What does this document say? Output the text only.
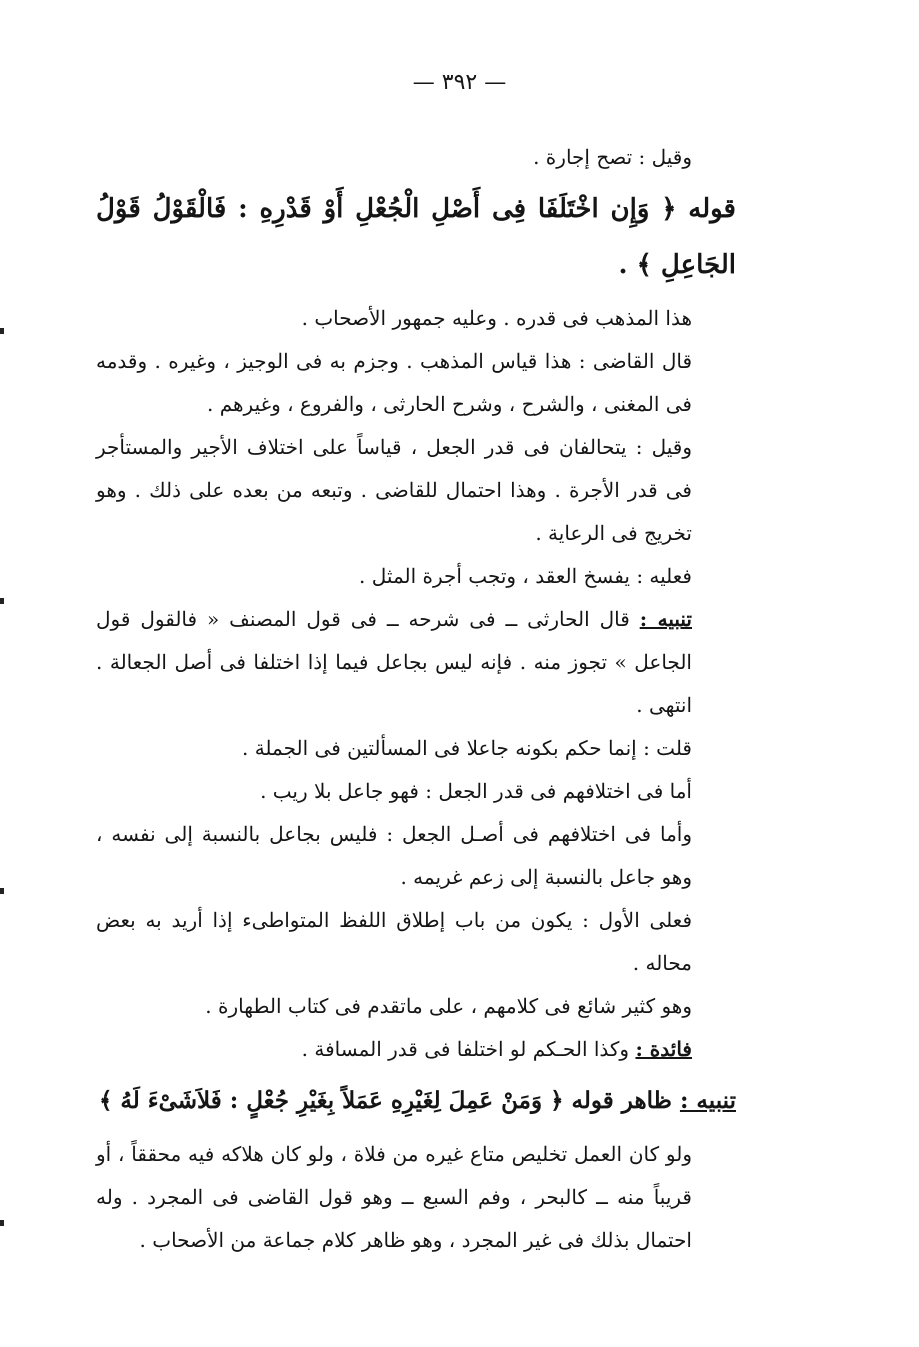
— ٣٩٢ —

وقيل : تصح إجارة .

قوله ﴿ وَإِن اخْتَلَفَا فِى أَصْلِ الْجُعْلِ أَوْ قَدْرِهِ : فَالْقَوْلُ قَوْلُ الجَاعِلِ ﴾ .

هذا المذهب فى قدره . وعليه جمهور الأصحاب .

قال القاضى : هذا قياس المذهب . وجزم به فى الوجيز ، وغيره . وقدمه فى المغنى ، والشرح ، وشرح الحارثى ، والفروع ، وغيرهم .

وقيل : يتحالفان فى قدر الجعل ، قياساً على اختلاف الأجير والمستأجر فى قدر الأجرة . وهذا احتمال للقاضى . وتبعه من بعده على ذلك . وهو تخريج فى الرعاية .

فعليه : يفسخ العقد ، وتجب أجرة المثل .

تنبيه : قال الحارثى ــ فى شرحه ــ فى قول المصنف « فالقول قول الجاعل » تجوز منه . فإنه ليس بجاعل فيما إذا اختلفا فى أصل الجعالة . انتهى .

قلت : إنما حكم بكونه جاعلا فى المسألتين فى الجملة .

أما فى اختلافهم فى قدر الجعل : فهو جاعل بلا ريب .

وأما فى اختلافهم فى أصـل الجعل : فليس بجاعل بالنسبة إلى نفسه ، وهو جاعل بالنسبة إلى زعم غريمه .

فعلى الأول : يكون من باب إطلاق اللفظ المتواطىء إذا أريد به بعض محاله .

وهو كثير شائع فى كلامهم ، على ماتقدم فى كتاب الطهارة .

فائدة : وكذا الحـكم لو اختلفا فى قدر المسافة .

تنبيه : ظاهر قوله ﴿ وَمَنْ عَمِلَ لِغَيْرِهِ عَمَلاً بِغَيْرِ جُعْلٍ : فَلاَشَىْءَ لَهُ ﴾

ولو كان العمل تخليص متاع غيره من فلاة ، ولو كان هلاكه فيه محققاً ، أو قريباً منه ــ كالبحر ، وفم السبع ــ وهو قول القاضى فى المجرد . وله احتمال بذلك فى غير المجرد ، وهو ظاهر كلام جماعة من الأصحاب .
